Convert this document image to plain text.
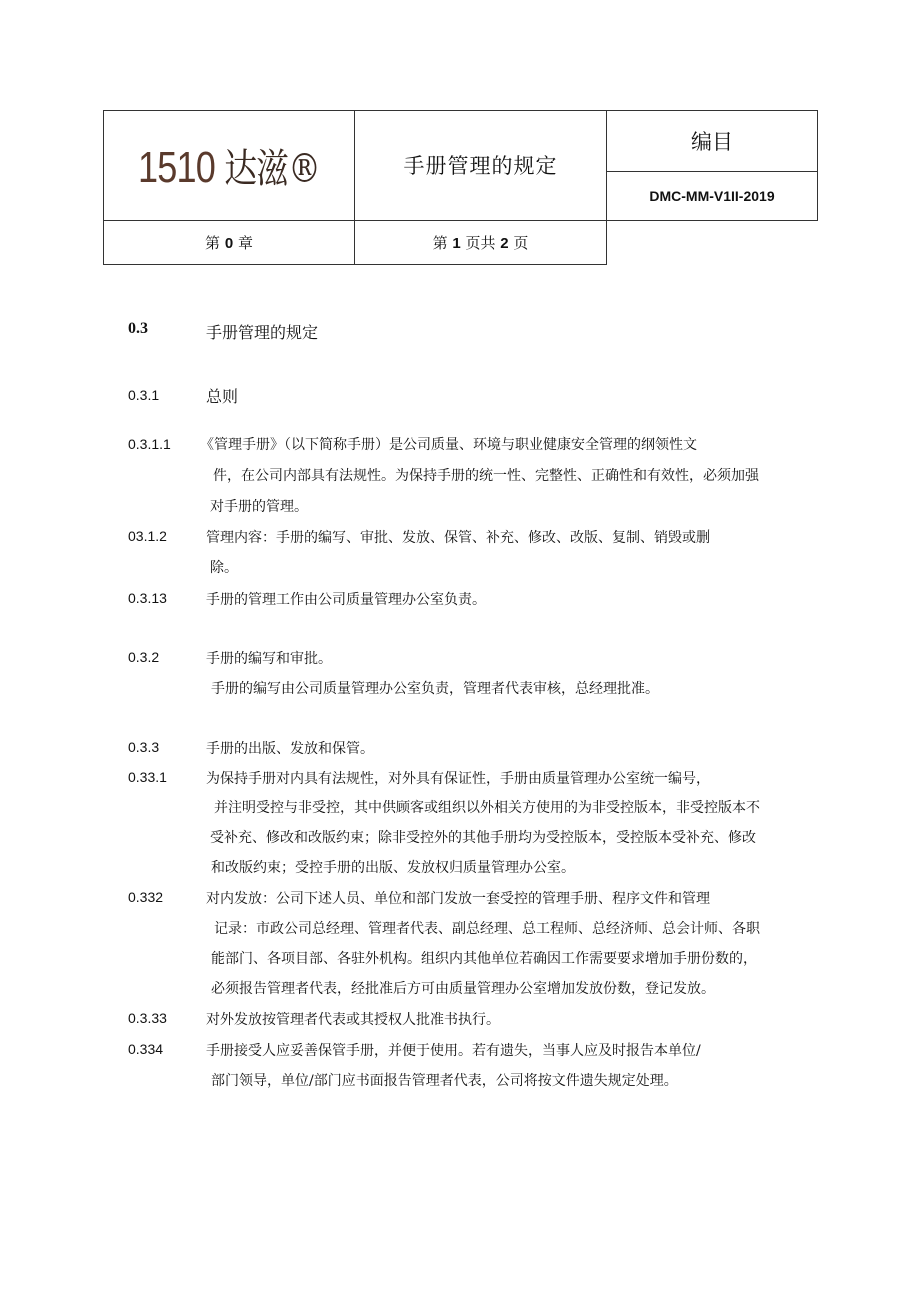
1510 达滋®	手册管理的规定	编目
		DMC-MM-V1II-2019
第 0 章	第 1 页共 2 页	
0.3	手册管理的规定
0.3.1	总则
0.3.1.1 《管理手册》（以下简称手册）是公司质量、环境与职业健康安全管理的纲领性文
件，在公司内部具有法规性。为保持手册的统一性、完整性、正确性和有效性，必须加强
对手册的管理。
03.1.2	管理内容：手册的编写、审批、发放、保管、补充、修改、改版、复制、销毁或删
除。
0.3.13	手册的管理工作由公司质量管理办公室负责。
0.3.2	手册的编写和审批。
手册的编写由公司质量管理办公室负责，管理者代表审核，总经理批准。
0.3.3	手册的出版、发放和保管。
0.33.1	为保持手册对内具有法规性，对外具有保证性，手册由质量管理办公室统一编号，
并注明受控与非受控，其中供顾客或组织以外相关方使用的为非受控版本，非受控版本不
受补充、修改和改版约束；除非受控外的其他手册均为受控版本，受控版本受补充、修改
和改版约束；受控手册的出版、发放权归质量管理办公室。
0.332	对内发放：公司下述人员、单位和部门发放一套受控的管理手册、程序文件和管理
记录：市政公司总经理、管理者代表、副总经理、总工程师、总经济师、总会计师、各职
能部门、各项目部、各驻外机构。组织内其他单位若确因工作需要要求增加手册份数的，
必须报告管理者代表，经批准后方可由质量管理办公室增加发放份数，登记发放。
0.3.33	对外发放按管理者代表或其授权人批准书执行。
0.334	手册接受人应妥善保管手册，并便于使用。若有遗失，当事人应及时报告本单位/
部门领导，单位/部门应书面报告管理者代表，公司将按文件遗失规定处理。
